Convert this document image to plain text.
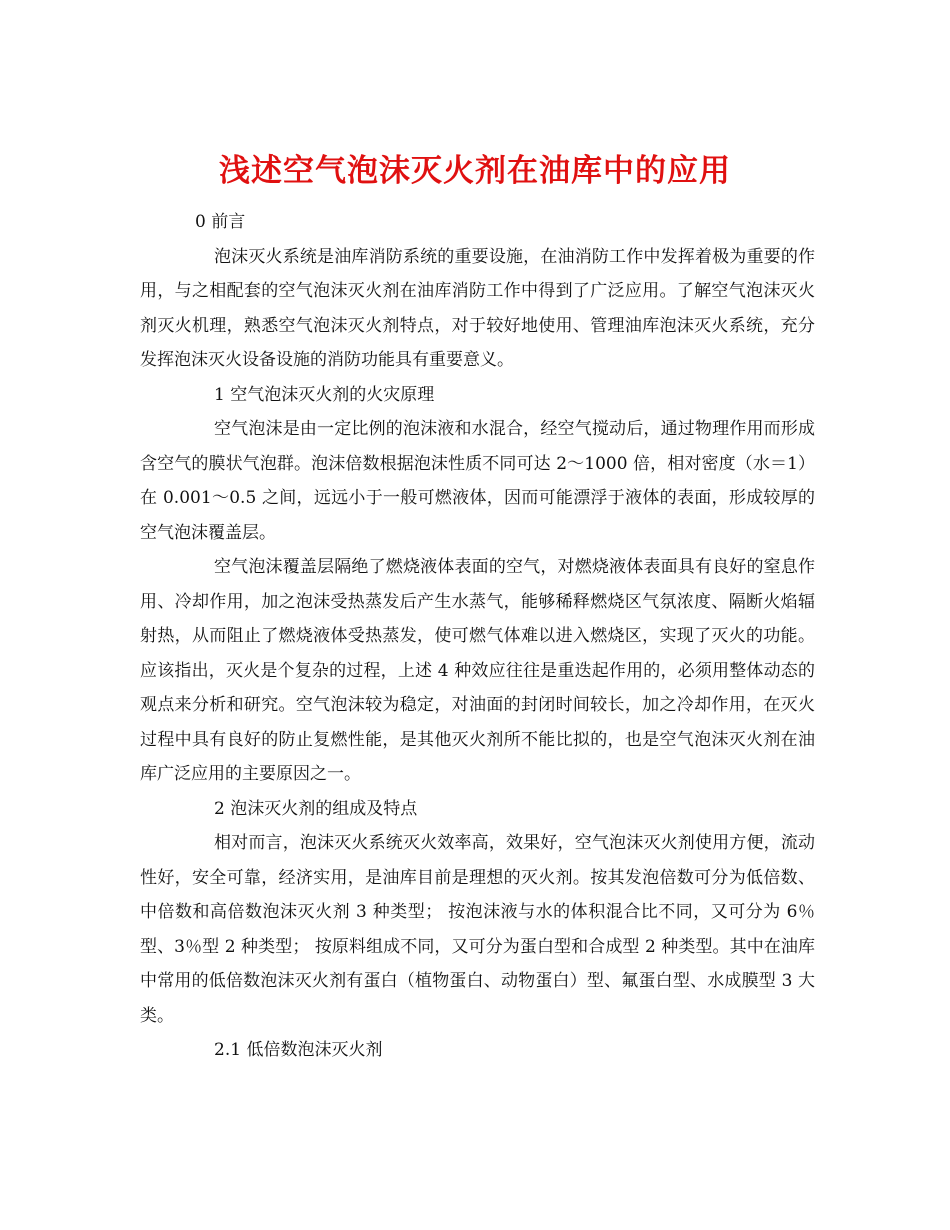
浅述空气泡沫灭火剂在油库中的应用

0 前言

泡沫灭火系统是油库消防系统的重要设施，在油消防工作中发挥着极为重要的作用，与之相配套的空气泡沫灭火剂在油库消防工作中得到了广泛应用。了解空气泡沫灭火剂灭火机理，熟悉空气泡沫灭火剂特点，对于较好地使用、管理油库泡沫灭火系统，充分发挥泡沫灭火设备设施的消防功能具有重要意义。

1 空气泡沫灭火剂的火灾原理

空气泡沫是由一定比例的泡沫液和水混合，经空气搅动后，通过物理作用而形成含空气的膜状气泡群。泡沫倍数根据泡沫性质不同可达 2～1000 倍，相对密度（水＝1）在 0.001～0.5 之间，远远小于一般可燃液体，因而可能漂浮于液体的表面，形成较厚的空气泡沫覆盖层。

空气泡沫覆盖层隔绝了燃烧液体表面的空气，对燃烧液体表面具有良好的窒息作用、冷却作用，加之泡沫受热蒸发后产生水蒸气，能够稀释燃烧区气氛浓度、隔断火焰辐射热，从而阻止了燃烧液体受热蒸发，使可燃气体难以进入燃烧区，实现了灭火的功能。应该指出，灭火是个复杂的过程，上述 4 种效应往往是重迭起作用的，必须用整体动态的观点来分析和研究。空气泡沫较为稳定，对油面的封闭时间较长，加之冷却作用，在灭火过程中具有良好的防止复燃性能，是其他灭火剂所不能比拟的，也是空气泡沫灭火剂在油库广泛应用的主要原因之一。

2 泡沫灭火剂的组成及特点

相对而言，泡沫灭火系统灭火效率高，效果好，空气泡沫灭火剂使用方便，流动性好，安全可靠，经济实用，是油库目前是理想的灭火剂。按其发泡倍数可分为低倍数、中倍数和高倍数泡沫灭火剂 3 种类型； 按泡沫液与水的体积混合比不同，又可分为 6％型、3％型 2 种类型； 按原料组成不同，又可分为蛋白型和合成型 2 种类型。其中在油库中常用的低倍数泡沫灭火剂有蛋白（植物蛋白、动物蛋白）型、氟蛋白型、水成膜型 3 大类。

2.1 低倍数泡沫灭火剂
